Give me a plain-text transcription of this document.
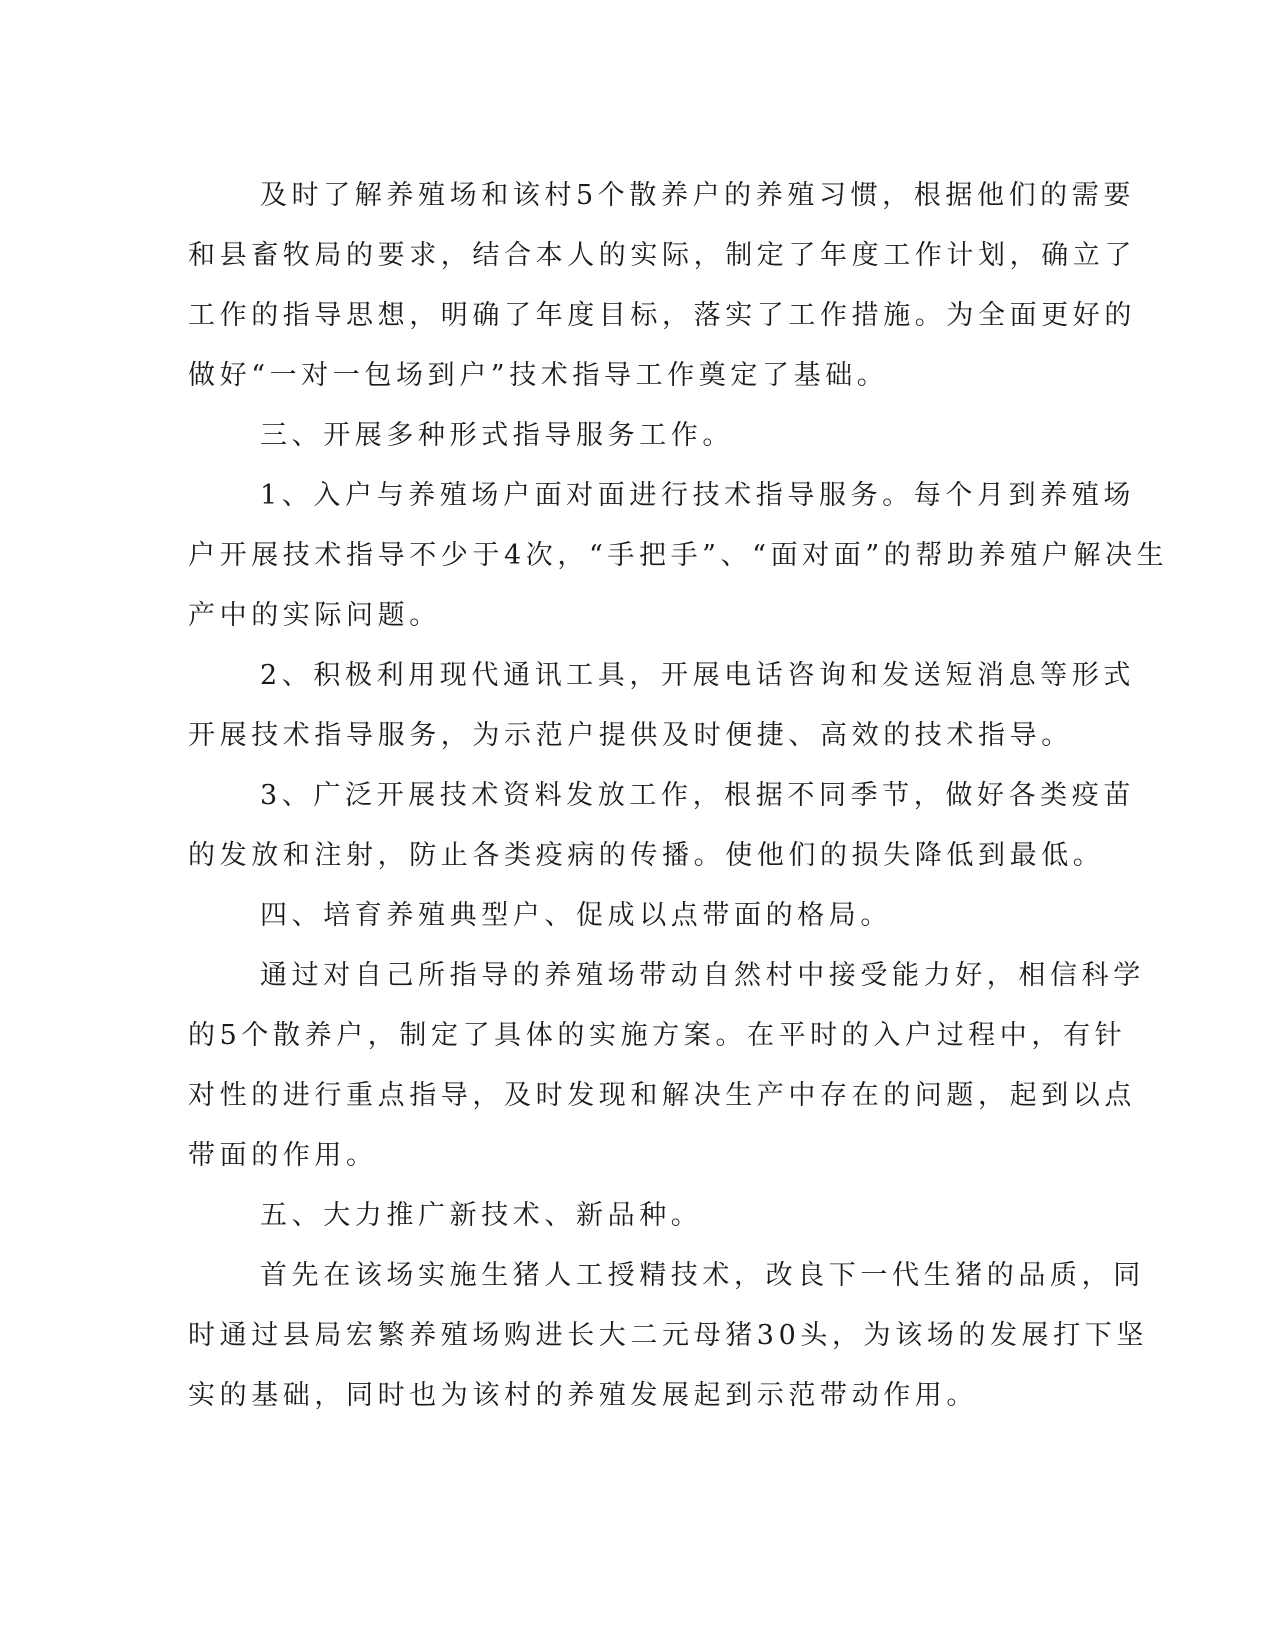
及时了解养殖场和该村5个散养户的养殖习惯，根据他们的需要
和县畜牧局的要求，结合本人的实际，制定了年度工作计划，确立了
工作的指导思想，明确了年度目标，落实了工作措施。为全面更好的
做好“一对一包场到户”技术指导工作奠定了基础。
三、开展多种形式指导服务工作。
1、入户与养殖场户面对面进行技术指导服务。每个月到养殖场
户开展技术指导不少于4次，“手把手”、“面对面”的帮助养殖户解决生
产中的实际问题。
2、积极利用现代通讯工具，开展电话咨询和发送短消息等形式
开展技术指导服务，为示范户提供及时便捷、高效的技术指导。
3、广泛开展技术资料发放工作，根据不同季节，做好各类疫苗
的发放和注射，防止各类疫病的传播。使他们的损失降低到最低。
四、培育养殖典型户、促成以点带面的格局。
通过对自己所指导的养殖场带动自然村中接受能力好，相信科学
的5个散养户，制定了具体的实施方案。在平时的入户过程中，有针
对性的进行重点指导，及时发现和解决生产中存在的问题，起到以点
带面的作用。
五、大力推广新技术、新品种。
首先在该场实施生猪人工授精技术，改良下一代生猪的品质，同
时通过县局宏繁养殖场购进长大二元母猪30头，为该场的发展打下坚
实的基础，同时也为该村的养殖发展起到示范带动作用。
